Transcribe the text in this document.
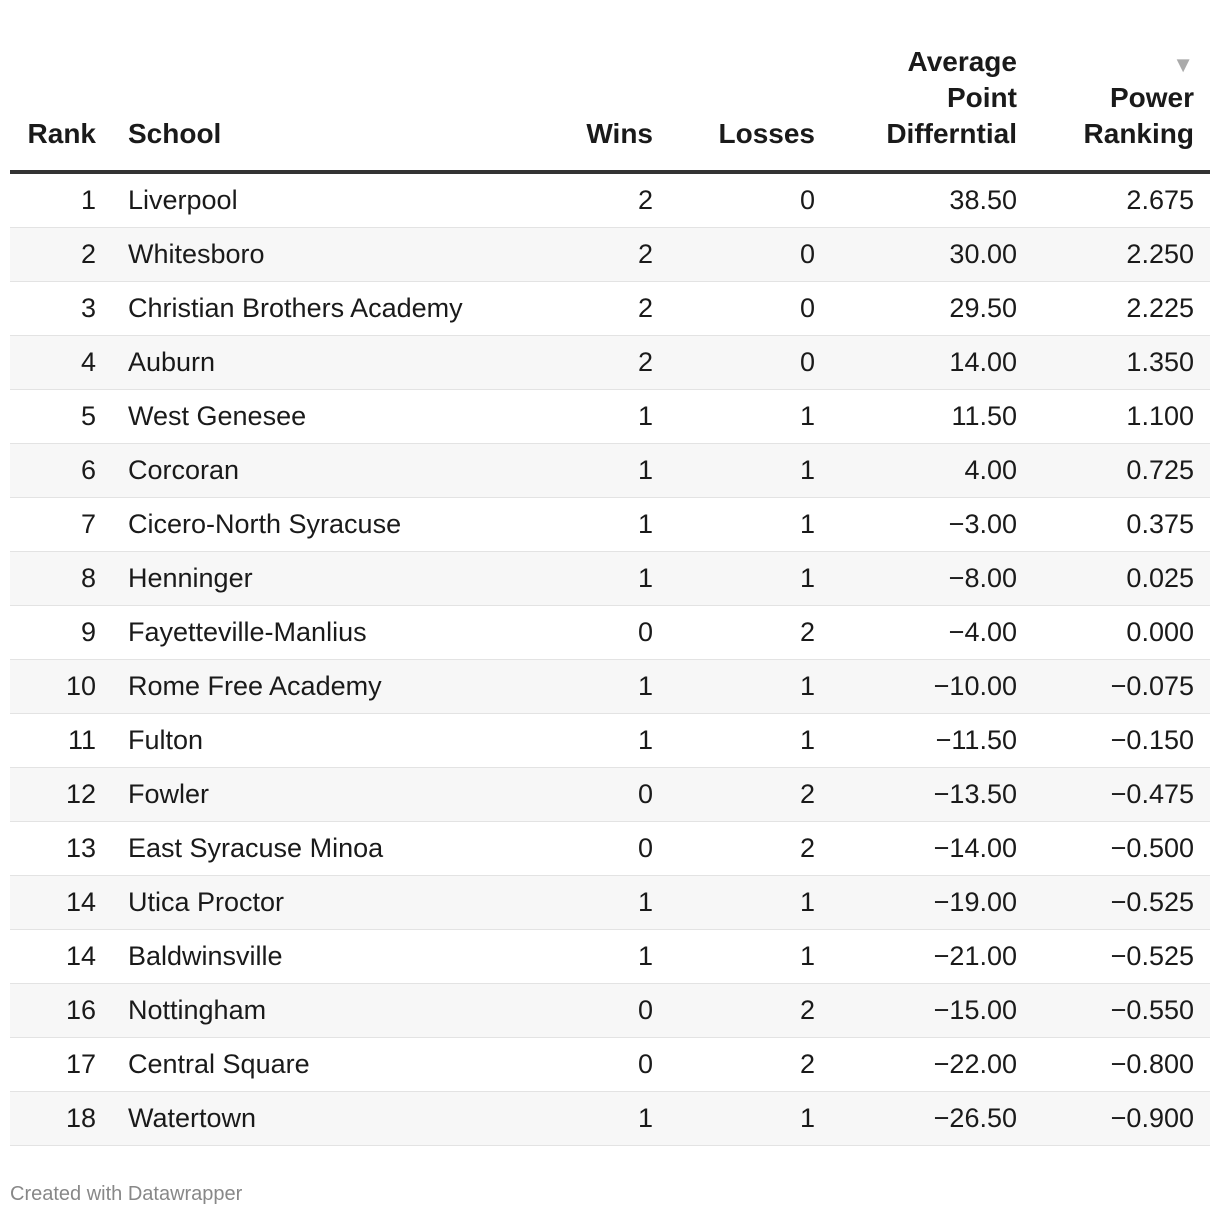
Rank	School	Wins	Losses	Average Point Differntial	▼
Power Ranking
1	Liverpool	2	0	38.50	2.675
2	Whitesboro	2	0	30.00	2.250
3	Christian Brothers Academy	2	0	29.50	2.225
4	Auburn	2	0	14.00	1.350
5	West Genesee	1	1	11.50	1.100
6	Corcoran	1	1	4.00	0.725
7	Cicero-North Syracuse	1	1	−3.00	0.375
8	Henninger	1	1	−8.00	0.025
9	Fayetteville-Manlius	0	2	−4.00	0.000
10	Rome Free Academy	1	1	−10.00	−0.075
11	Fulton	1	1	−11.50	−0.150
12	Fowler	0	2	−13.50	−0.475
13	East Syracuse Minoa	0	2	−14.00	−0.500
14	Utica Proctor	1	1	−19.00	−0.525
14	Baldwinsville	1	1	−21.00	−0.525
16	Nottingham	0	2	−15.00	−0.550
17	Central Square	0	2	−22.00	−0.800
18	Watertown	1	1	−26.50	−0.900
Created with Datawrapper
